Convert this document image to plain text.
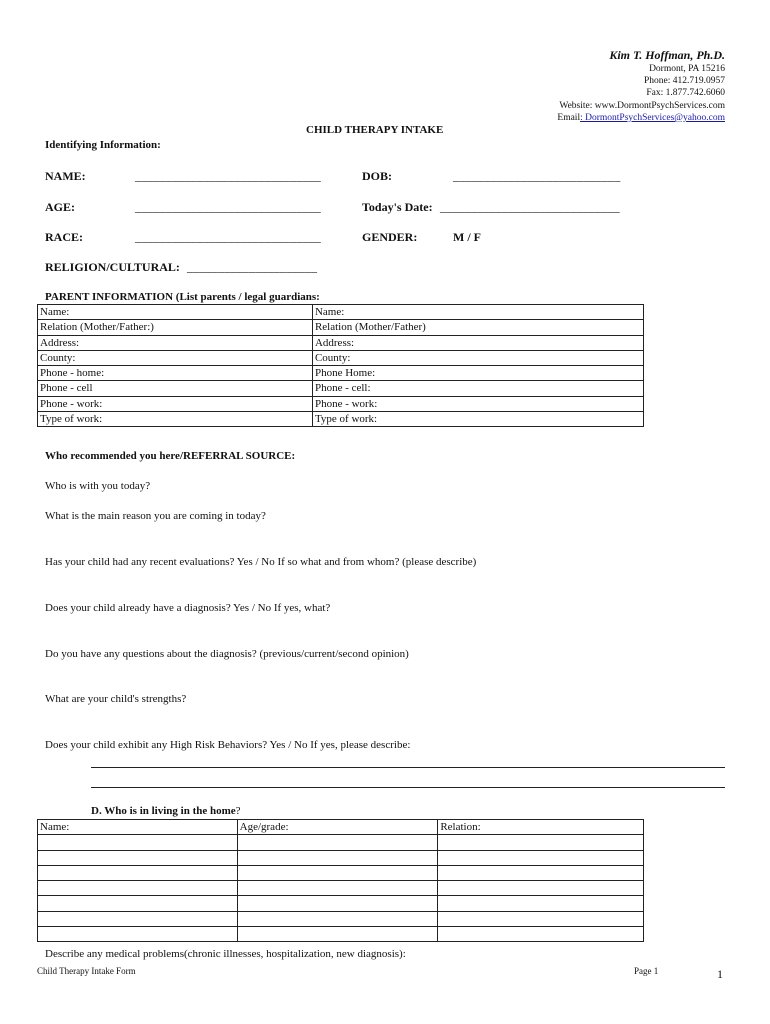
Kim T. Hoffman, Ph.D.
Dormont, PA 15216
Phone: 412.719.0957
Fax: 1.877.742.6060
Website: www.DormontPsychServices.com
Email: DormontPsychServices@yahoo.com
CHILD THERAPY INTAKE
Identifying Information:
NAME:	______________________________	DOB:	___________________________
AGE:	______________________________	Today's Date: _____________________________
RACE:	______________________________	GENDER:	M / F
RELIGION/CULTURAL: _____________________
PARENT INFORMATION (List parents / legal guardians:
Name:	Name:
Relation (Mother/Father:)	Relation (Mother/Father)
Address:	Address:
County:	County:
Phone - home:	Phone Home:
Phone - cell	Phone - cell:
Phone - work:	Phone - work:
Type of work:	Type of work:
Who recommended you here/REFERRAL SOURCE:
Who is with you today?
What is the main reason you are coming in today?
Has your child had any recent evaluations? Yes / No If so what and from whom? (please describe)
Does your child already have a diagnosis? Yes / No If yes, what?
Do you have any questions about the diagnosis? (previous/current/second opinion)
What are your child's strengths?
Does your child exhibit any High Risk Behaviors? Yes / No If yes, please describe:
D. Who is in living in the home?
Name:	Age/grade:	Relation:

Describe any medical problems(chronic illnesses, hospitalization, new diagnosis):
Child Therapy Intake Form	Page 1	1
